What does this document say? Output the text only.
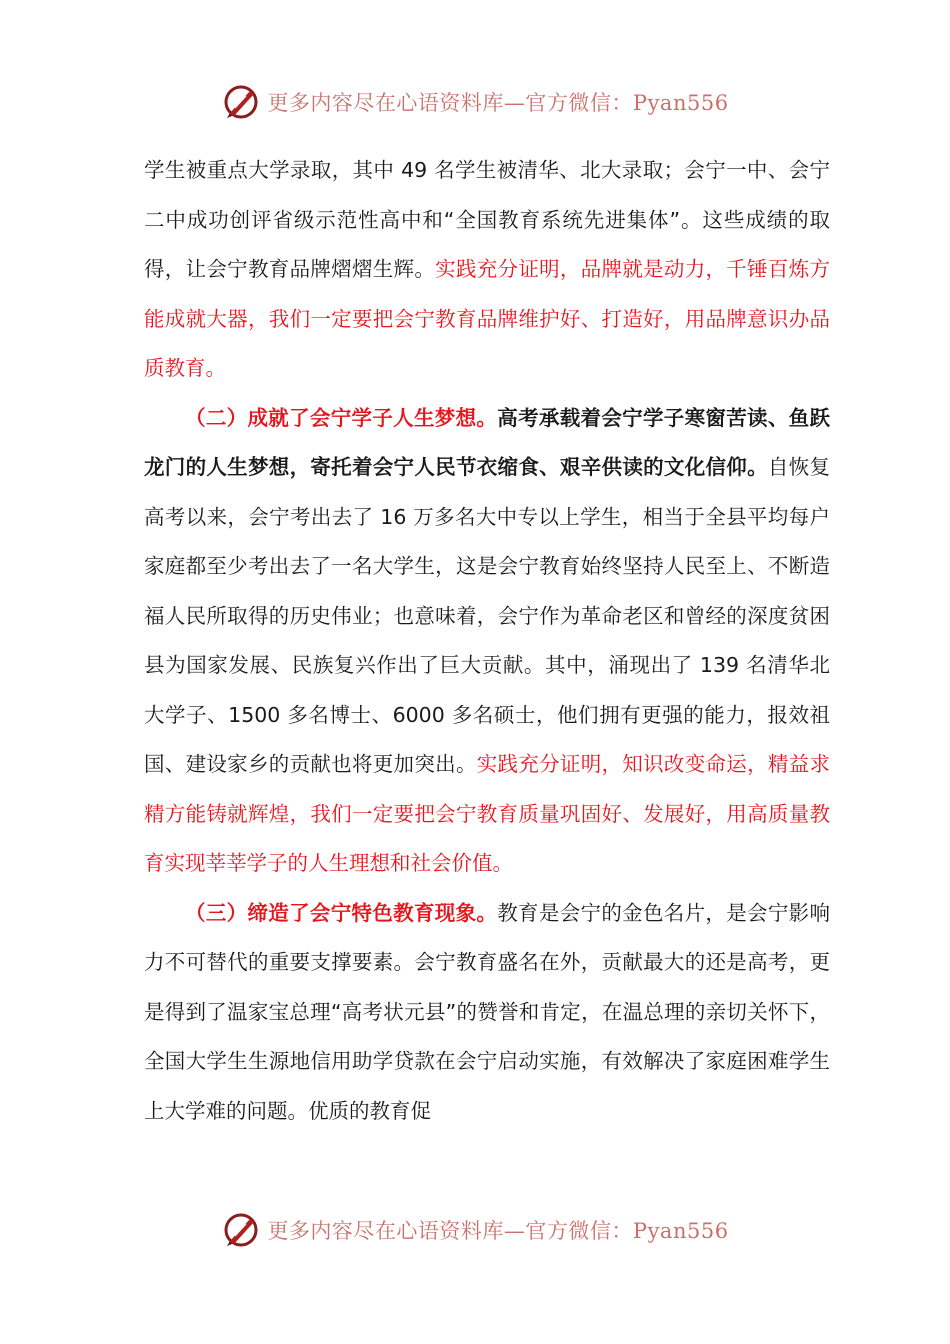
更多内容尽在心语资料库—官方微信：Pyan556

学生被重点大学录取，其中 49 名学生被清华、北大录取；会宁一中、会宁二中成功创评省级示范性高中和“全国教育系统先进集体”。这些成绩的取得，让会宁教育品牌熠熠生辉。实践充分证明，品牌就是动力，千锤百炼方能成就大器，我们一定要把会宁教育品牌维护好、打造好，用品牌意识办品质教育。

（二）成就了会宁学子人生梦想。高考承载着会宁学子寒窗苦读、鱼跃龙门的人生梦想，寄托着会宁人民节衣缩食、艰辛供读的文化信仰。自恢复高考以来，会宁考出去了 16 万多名大中专以上学生，相当于全县平均每户家庭都至少考出去了一名大学生，这是会宁教育始终坚持人民至上、不断造福人民所取得的历史伟业；也意味着，会宁作为革命老区和曾经的深度贫困县为国家发展、民族复兴作出了巨大贡献。其中，涌现出了 139 名清华北大学子、1500 多名博士、6000 多名硕士，他们拥有更强的能力，报效祖国、建设家乡的贡献也将更加突出。实践充分证明，知识改变命运，精益求精方能铸就辉煌，我们一定要把会宁教育质量巩固好、发展好，用高质量教育实现莘莘学子的人生理想和社会价值。

（三）缔造了会宁特色教育现象。教育是会宁的金色名片，是会宁影响力不可替代的重要支撑要素。会宁教育盛名在外，贡献最大的还是高考，更是得到了温家宝总理“高考状元县”的赞誉和肯定，在温总理的亲切关怀下，全国大学生生源地信用助学贷款在会宁启动实施，有效解决了家庭困难学生上大学难的问题。优质的教育促

更多内容尽在心语资料库—官方微信：Pyan556
